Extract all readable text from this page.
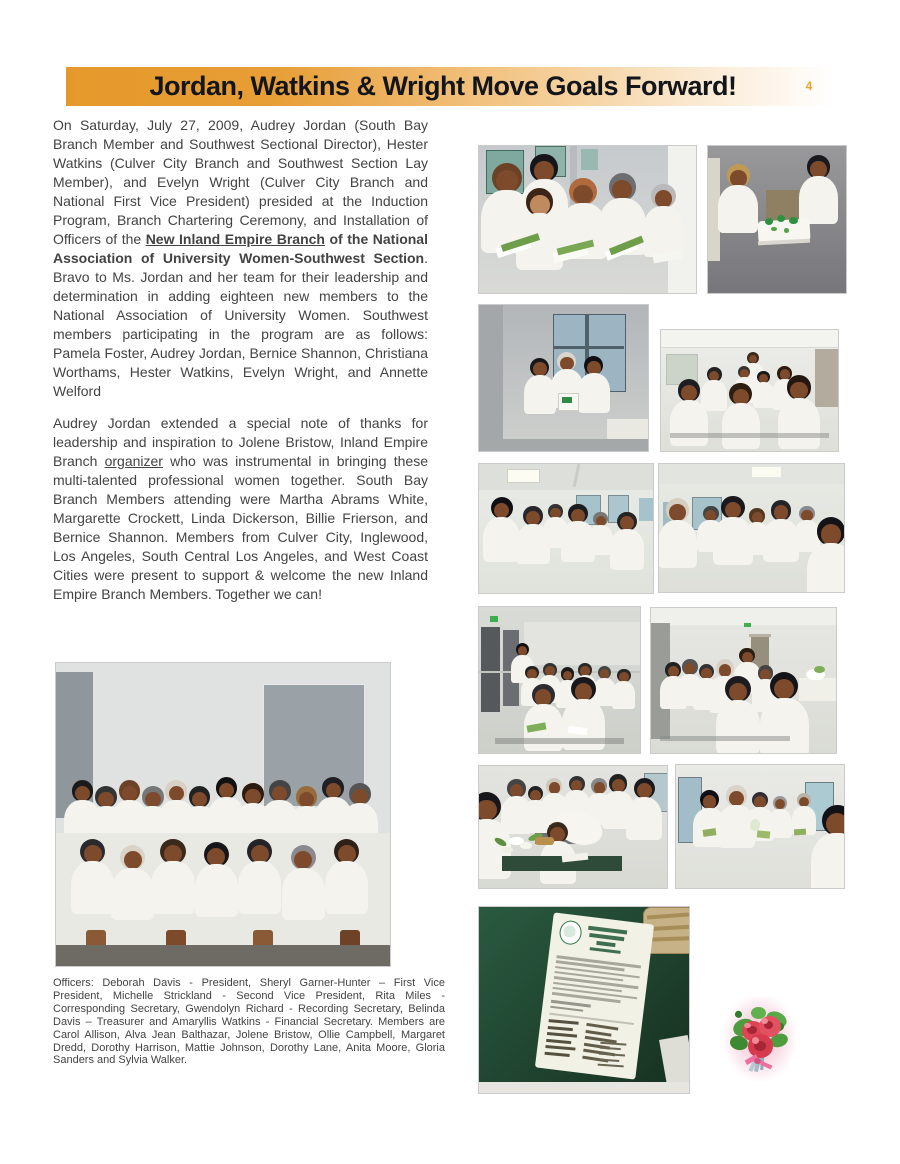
Jordan, Watkins & Wright Move Goals Forward!	4

On Saturday, July 27, 2009, Audrey Jordan (South Bay Branch Member and Southwest Sectional Director), Hester Watkins (Culver City Branch and Southwest Section Lay Member), and Evelyn Wright (Culver City Branch and National First Vice President) presided at the Induction Program, Branch Chartering Ceremony, and Installation of Officers of the New Inland Empire Branch of the National Association of University Women-Southwest Section. Bravo to Ms. Jordan and her team for their leadership and determination in adding eighteen new members to the National Association of University Women. Southwest members participating in the program are as follows: Pamela Foster, Audrey Jordan, Bernice Shannon, Christiana Worthams, Hester Watkins, Evelyn Wright, and Annette Welford

Audrey Jordan extended a special note of thanks for leadership and inspiration to Jolene Bristow, Inland Empire Branch organizer who was instrumental in bringing these multi-talented professional women together. South Bay Branch Members attending were Martha Abrams White, Margarette Crockett, Linda Dickerson, Billie Frierson, and Bernice Shannon. Members from Culver City, Inglewood, Los Angeles, South Central Los Angeles, and West Coast Cities were present to support & welcome the new Inland Empire Branch Members. Together we can!

Officers: Deborah Davis - President, Sheryl Garner-Hunter – First Vice President, Michelle Strickland - Second Vice President, Rita Miles - Corresponding Secretary, Gwendolyn Richard - Recording Secretary, Belinda Davis – Treasurer and Amaryllis Watkins - Financial Secretary. Members are Carol Allison, Alva Jean Balthazar, Jolene Bristow, Ollie Campbell, Margaret Dredd, Dorothy Harrison, Mattie Johnson, Dorothy Lane, Anita Moore, Gloria Sanders and Sylvia Walker.
